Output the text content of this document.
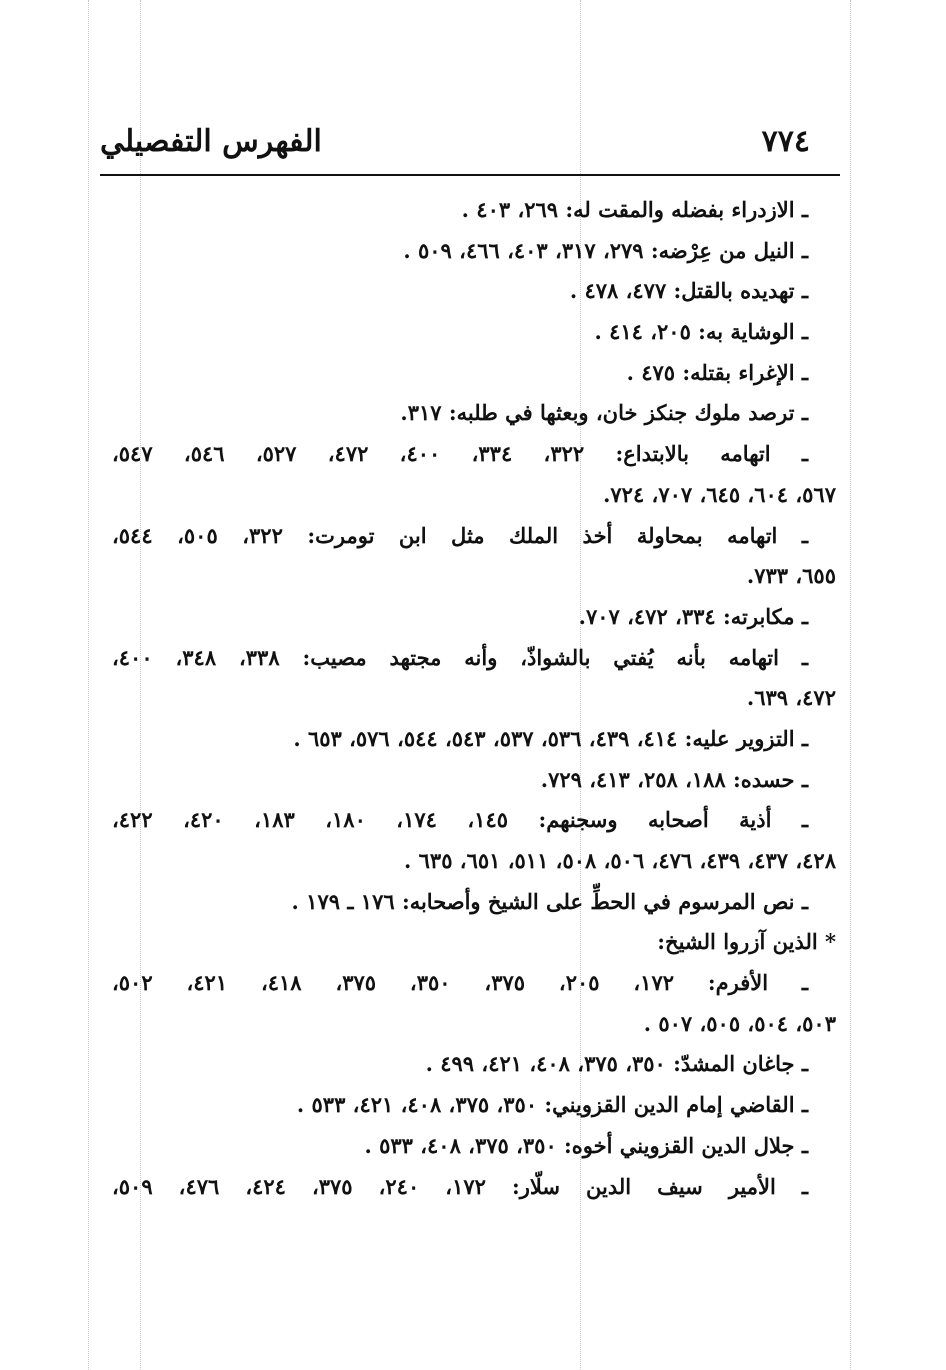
٧٧٤
الفهرس التفصيلي
ـ الازدراء بفضله والمقت له: ٢٦٩، ٤٠٣ .
ـ النيل من عِرْضه: ٢٧٩، ٣١٧، ٤٠٣، ٤٦٦، ٥٠٩ .
ـ تهديده بالقتل: ٤٧٧، ٤٧٨ .
ـ الوشاية به: ٢٠٥، ٤١٤ .
ـ الإغراء بقتله: ٤٧٥ .
ـ ترصد ملوك جنكز خان، وبعثها في طلبه: ٣١٧.
ـ اتهامه بالابتداع: ٣٢٢، ٣٣٤، ٤٠٠، ٤٧٢، ٥٢٧، ٥٤٦، ٥٤٧،
٥٦٧، ٦٠٤، ٦٤٥، ٧٠٧، ٧٢٤.
ـ اتهامه بمحاولة أخذ الملك مثل ابن تومرت: ٣٢٢، ٥٠٥، ٥٤٤،
٦٥٥، ٧٣٣.
ـ مكابرته: ٣٣٤، ٤٧٢، ٧٠٧.
ـ اتهامه بأنه يُفتي بالشواذّ، وأنه مجتهد مصيب: ٣٣٨، ٣٤٨، ٤٠٠،
٤٧٢، ٦٣٩.
ـ التزوير عليه: ٤١٤، ٤٣٩، ٥٣٦، ٥٣٧، ٥٤٣، ٥٤٤، ٥٧٦، ٦٥٣ .
ـ حسده: ١٨٨، ٢٥٨، ٤١٣، ٧٢٩.
ـ أذية أصحابه وسجنهم: ١٤٥، ١٧٤، ١٨٠، ١٨٣، ٤٢٠، ٤٢٢،
٤٢٨، ٤٣٧، ٤٣٩، ٤٧٦، ٥٠٦، ٥٠٨، ٥١١، ٦٥١، ٦٣٥ .
ـ نص المرسوم في الحطِّ على الشيخ وأصحابه: ١٧٦ ـ ١٧٩ .
* الذين آزروا الشيخ:
ـ الأفرم: ١٧٢، ٢٠٥، ٣٧٥، ٣٥٠، ٣٧٥، ٤١٨، ٤٢١، ٥٠٢،
٥٠٣، ٥٠٤، ٥٠٥، ٥٠٧ .
ـ جاغان المشدّ: ٣٥٠، ٣٧٥، ٤٠٨، ٤٢١، ٤٩٩ .
ـ القاضي إمام الدين القزويني: ٣٥٠، ٣٧٥، ٤٠٨، ٤٢١، ٥٣٣ .
ـ جلال الدين القزويني أخوه: ٣٥٠، ٣٧٥، ٤٠٨، ٥٣٣ .
ـ الأمير سيف الدين سلّار: ١٧٢، ٢٤٠، ٣٧٥، ٤٢٤، ٤٧٦، ٥٠٩،
